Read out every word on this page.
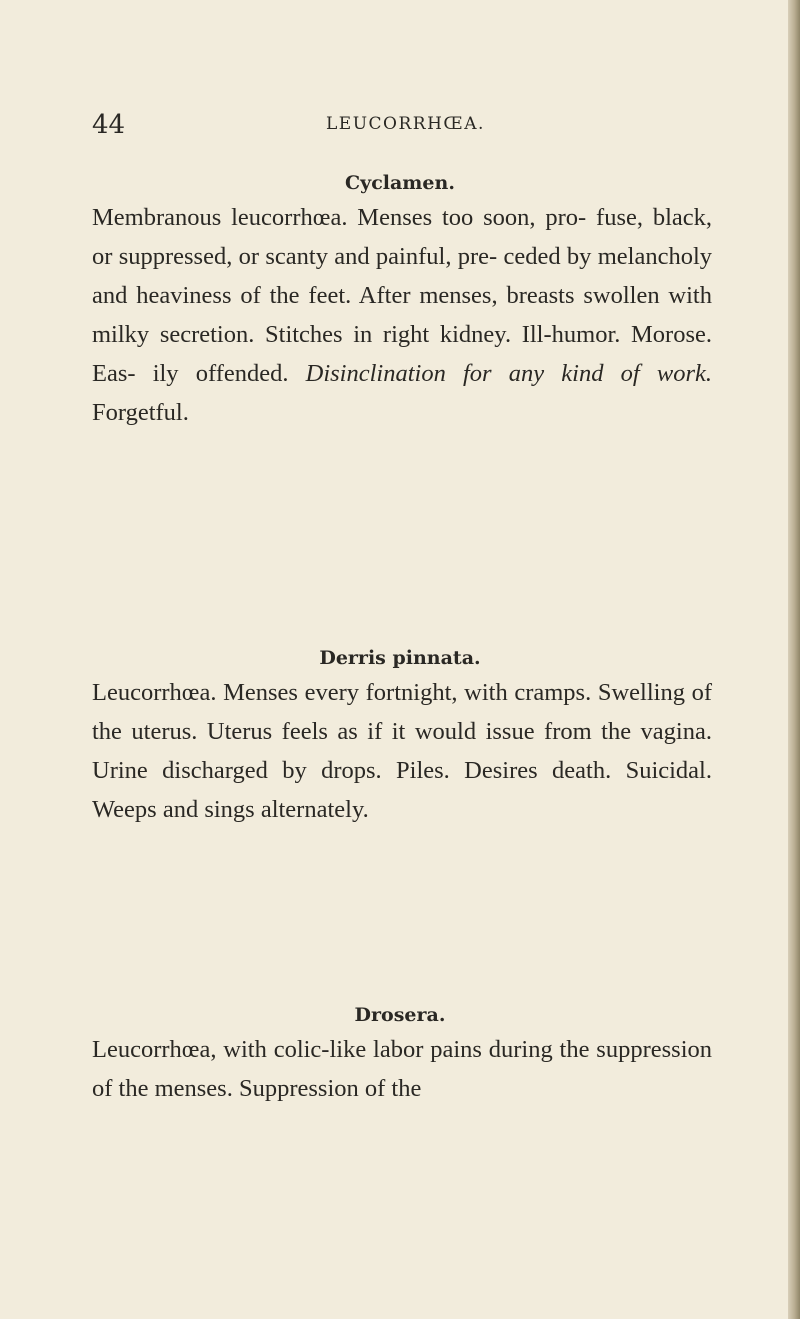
44	LEUCORRHŒA.
Cyclamen.
Membranous leucorrhœa. Menses too soon, pro- fuse, black, or suppressed, or scanty and painful, pre- ceded by melancholy and heaviness of the feet. After menses, breasts swollen with milky secretion. Stitches in right kidney. Ill-humor. Morose. Eas- ily offended. Disinclination for any kind of work. Forgetful.
Derris pinnata.
Leucorrhœa. Menses every fortnight, with cramps. Swelling of the uterus. Uterus feels as if it would issue from the vagina. Urine discharged by drops. Piles. Desires death. Suicidal. Weeps and sings alternately.
Drosera.
Leucorrhœa, with colic-like labor pains during the suppression of the menses. Suppression of the
